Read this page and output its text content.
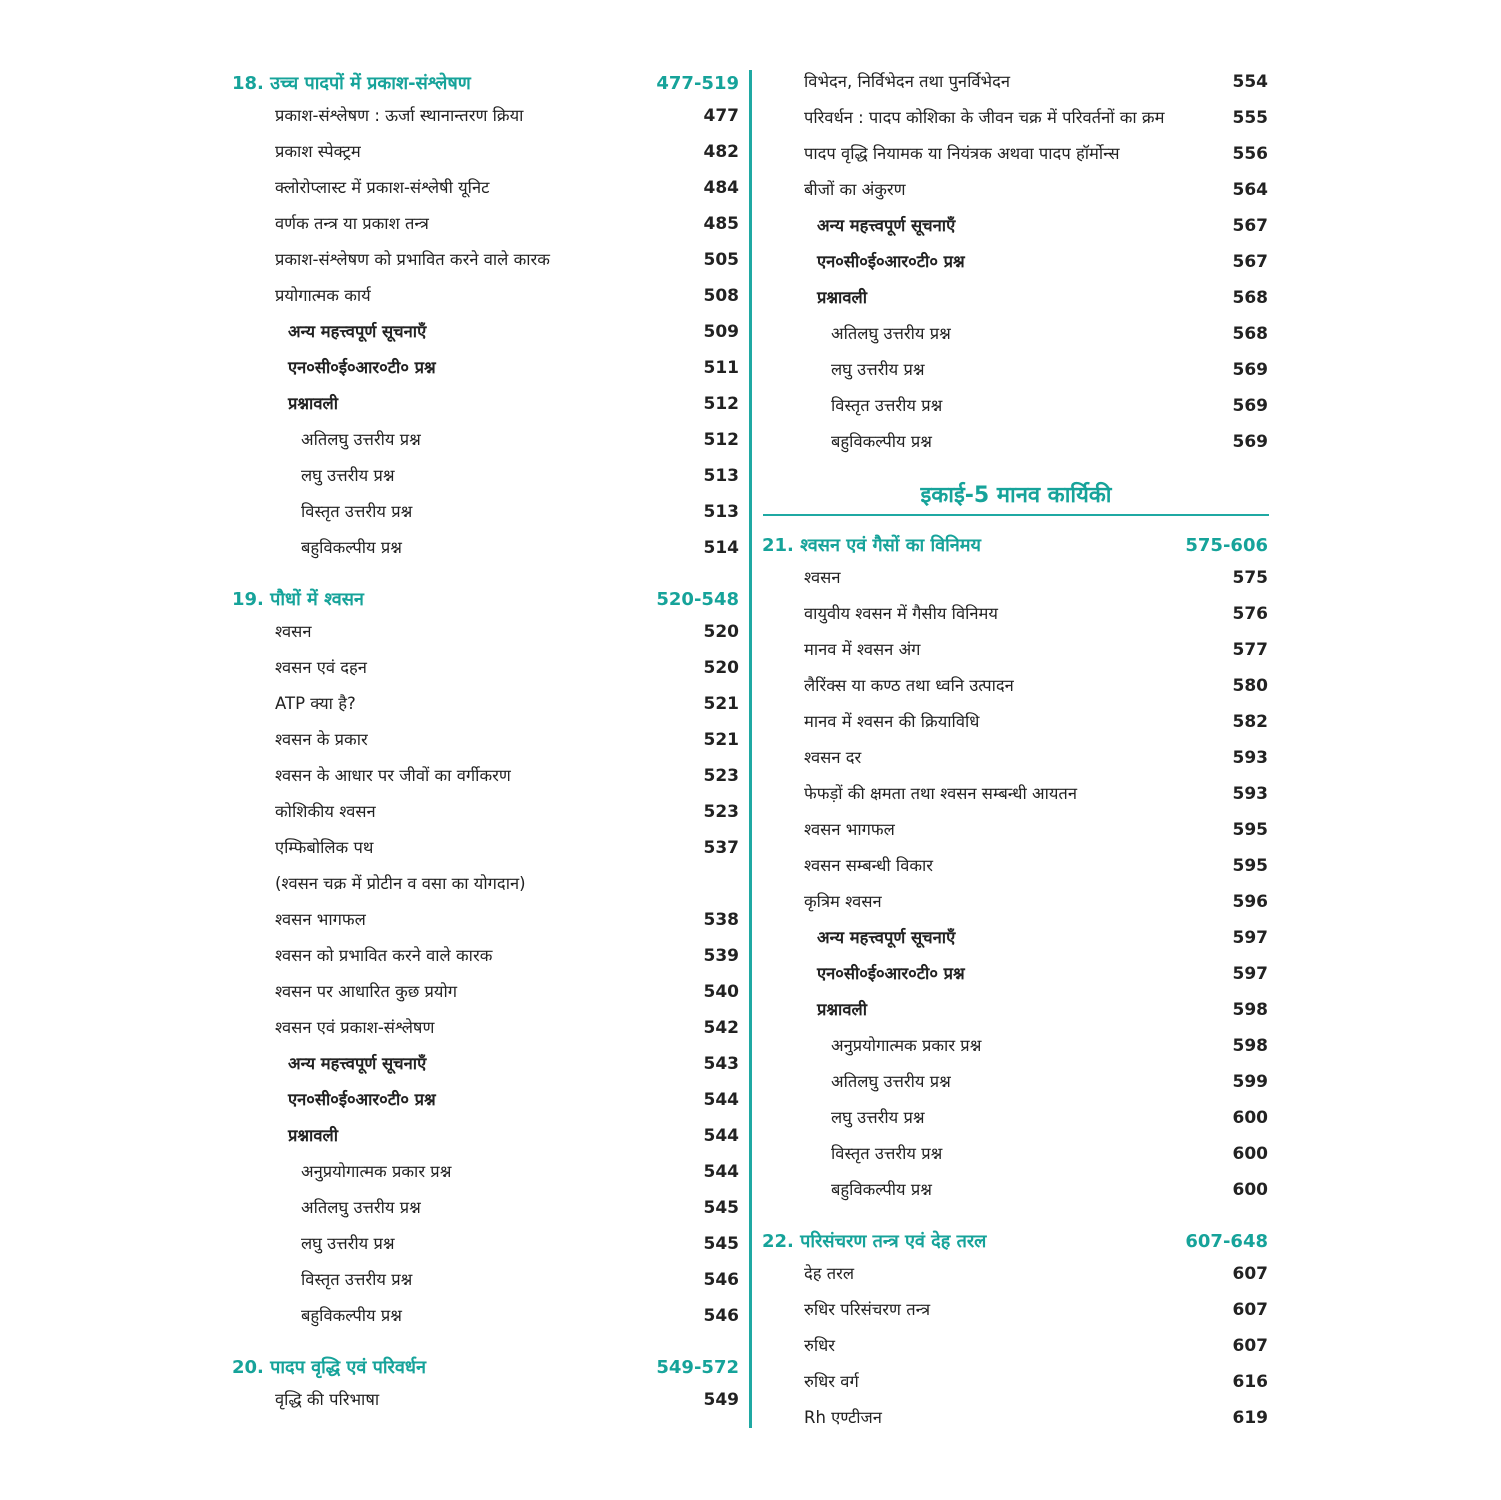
18. उच्च पादपों में प्रकाश-संश्लेषण	477-519
प्रकाश-संश्लेषण : ऊर्जा स्थानान्तरण क्रिया	477
प्रकाश स्पेक्ट्रम	482
क्लोरोप्लास्ट में प्रकाश-संश्लेषी यूनिट	484
वर्णक तन्त्र या प्रकाश तन्त्र	485
प्रकाश-संश्लेषण को प्रभावित करने वाले कारक	505
प्रयोगात्मक कार्य	508
अन्य महत्त्वपूर्ण सूचनाएँ	509
एन०सी०ई०आर०टी० प्रश्न	511
प्रश्नावली	512
अतिलघु उत्तरीय प्रश्न	512
लघु उत्तरीय प्रश्न	513
विस्तृत उत्तरीय प्रश्न	513
बहुविकल्पीय प्रश्न	514
19. पौधों में श्वसन	520-548
श्वसन	520
श्वसन एवं दहन	520
ATP क्या है?	521
श्वसन के प्रकार	521
श्वसन के आधार पर जीवों का वर्गीकरण	523
कोशिकीय श्वसन	523
एम्फिबोलिक पथ	537
(श्वसन चक्र में प्रोटीन व वसा का योगदान)
श्वसन भागफल	538
श्वसन को प्रभावित करने वाले कारक	539
श्वसन पर आधारित कुछ प्रयोग	540
श्वसन एवं प्रकाश-संश्लेषण	542
अन्य महत्त्वपूर्ण सूचनाएँ	543
एन०सी०ई०आर०टी० प्रश्न	544
प्रश्नावली	544
अनुप्रयोगात्मक प्रकार प्रश्न	544
अतिलघु उत्तरीय प्रश्न	545
लघु उत्तरीय प्रश्न	545
विस्तृत उत्तरीय प्रश्न	546
बहुविकल्पीय प्रश्न	546
20. पादप वृद्धि एवं परिवर्धन	549-572
वृद्धि की परिभाषा	549
इकाई-5 मानव कार्यिकी
विभेदन, निर्विभेदन तथा पुनर्विभेदन	554
परिवर्धन : पादप कोशिका के जीवन चक्र में परिवर्तनों का क्रम	555
पादप वृद्धि नियामक या नियंत्रक अथवा पादप हॉर्मोन्स	556
बीजों का अंकुरण	564
अन्य महत्त्वपूर्ण सूचनाएँ	567
एन०सी०ई०आर०टी० प्रश्न	567
प्रश्नावली	568
अतिलघु उत्तरीय प्रश्न	568
लघु उत्तरीय प्रश्न	569
विस्तृत उत्तरीय प्रश्न	569
बहुविकल्पीय प्रश्न	569
21. श्वसन एवं गैसों का विनिमय	575-606
श्वसन	575
वायुवीय श्वसन में गैसीय विनिमय	576
मानव में श्वसन अंग	577
लैरिंक्स या कण्ठ तथा ध्वनि उत्पादन	580
मानव में श्वसन की क्रियाविधि	582
श्वसन दर	593
फेफड़ों की क्षमता तथा श्वसन सम्बन्धी आयतन	593
श्वसन भागफल	595
श्वसन सम्बन्धी विकार	595
कृत्रिम श्वसन	596
अन्य महत्त्वपूर्ण सूचनाएँ	597
एन०सी०ई०आर०टी० प्रश्न	597
प्रश्नावली	598
अनुप्रयोगात्मक प्रकार प्रश्न	598
अतिलघु उत्तरीय प्रश्न	599
लघु उत्तरीय प्रश्न	600
विस्तृत उत्तरीय प्रश्न	600
बहुविकल्पीय प्रश्न	600
22. परिसंचरण तन्त्र एवं देह तरल	607-648
देह तरल	607
रुधिर परिसंचरण तन्त्र	607
रुधिर	607
रुधिर वर्ग	616
Rh एण्टीजन	619
